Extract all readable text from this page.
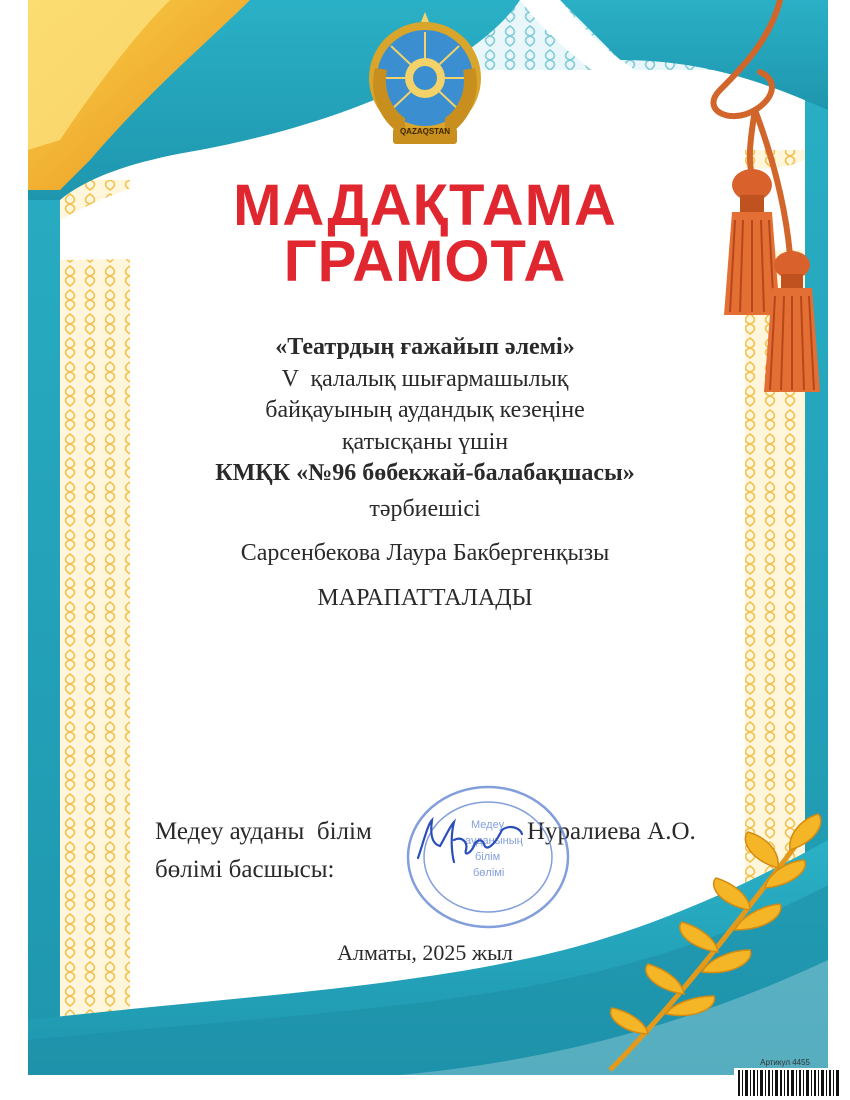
QAZAQSTAN
МАДАҚТАМА
ГРАМОТА
«Театрдың ғажайып әлемі»
V  қалалық шығармашылық
байқауының аудандық кезеңіне
қатысқаны үшін
КМҚК «№96 бөбекжай-балабақшасы»
тәрбиешісі
Сарсенбекова Лаура Бакбергенқызы
МАРАПАТТАЛАДЫ
Медеу ауданы  білім
бөлімі басшысы:
Нуралиева А.О.
Медеу
ауданының
білім
бөлімі
Алматы, 2025 жыл
Артикул 4455
